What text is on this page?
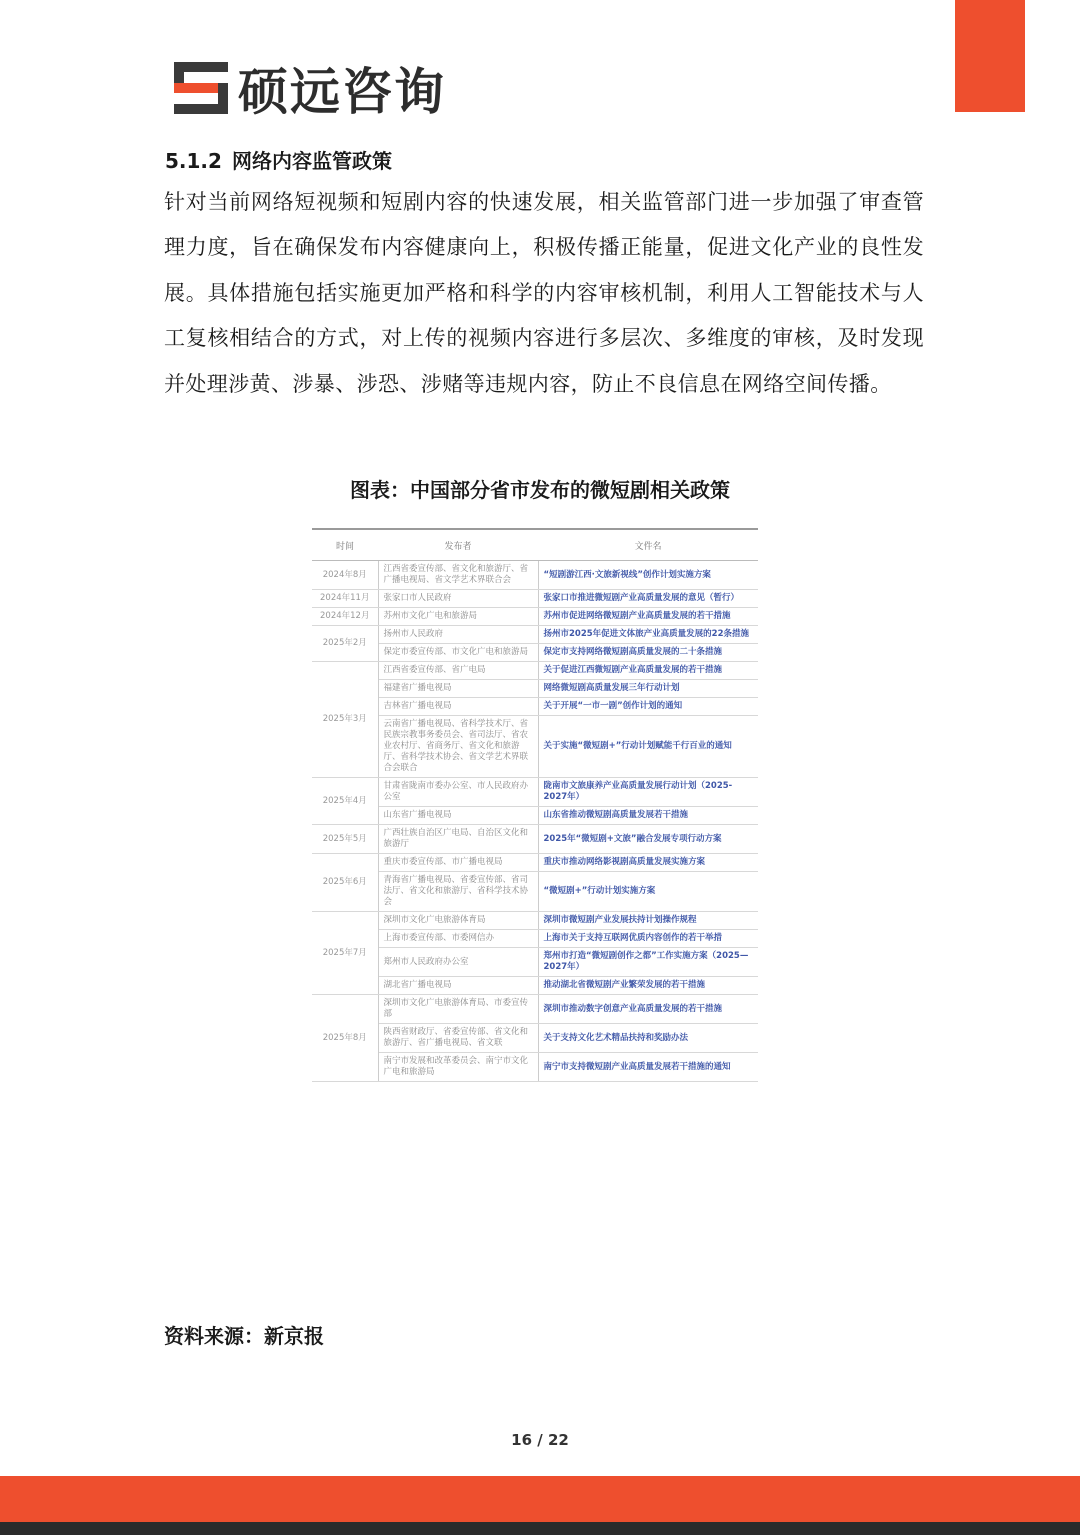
硕远咨询
5.1.2 网络内容监管政策
针对当前网络短视频和短剧内容的快速发展，相关监管部门进一步加强了审查管理力度，旨在确保发布内容健康向上，积极传播正能量，促进文化产业的良性发展。具体措施包括实施更加严格和科学的内容审核机制，利用人工智能技术与人工复核相结合的方式，对上传的视频内容进行多层次、多维度的审核，及时发现并处理涉黄、涉暴、涉恐、涉赌等违规内容，防止不良信息在网络空间传播。
图表：中国部分省市发布的微短剧相关政策
时间	发布者	文件名
2024年8月	江西省委宣传部、省文化和旅游厅、省广播电视局、省文学艺术界联合会	“短剧游江西·文旅新视线”创作计划实施方案
2024年11月	张家口市人民政府	张家口市推进微短剧产业高质量发展的意见（暂行）
2024年12月	苏州市文化广电和旅游局	苏州市促进网络微短剧产业高质量发展的若干措施
2025年2月	扬州市人民政府	扬州市2025年促进文体旅产业高质量发展的22条措施
	保定市委宣传部、市文化广电和旅游局	保定市支持网络微短剧高质量发展的二十条措施
2025年3月	江西省委宣传部、省广电局	关于促进江西微短剧产业高质量发展的若干措施
	福建省广播电视局	网络微短剧高质量发展三年行动计划
	吉林省广播电视局	关于开展“一市一剧”创作计划的通知
	云南省广播电视局、省科学技术厅、省民族宗教事务委员会、省司法厅、省农业农村厅、省商务厅、省文化和旅游厅、省科学技术协会、省文学艺术界联合会联合	关于实施“微短剧+”行动计划赋能千行百业的通知
2025年4月	甘肃省陇南市委办公室、市人民政府办公室	陇南市文旅康养产业高质量发展行动计划（2025-2027年）
	山东省广播电视局	山东省推动微短剧高质量发展若干措施
2025年5月	广西壮族自治区广电局、自治区文化和旅游厅	2025年“微短剧+文旅”融合发展专项行动方案
2025年6月	重庆市委宣传部、市广播电视局	重庆市推动网络影视剧高质量发展实施方案
	青海省广播电视局、省委宣传部、省司法厅、省文化和旅游厅、省科学技术协会	“微短剧+”行动计划实施方案
2025年7月	深圳市文化广电旅游体育局	深圳市微短剧产业发展扶持计划操作规程
	上海市委宣传部、市委网信办	上海市关于支持互联网优质内容创作的若干举措
	郑州市人民政府办公室	郑州市打造“微短剧创作之都”工作实施方案（2025—2027年）
	湖北省广播电视局	推动湖北省微短剧产业繁荣发展的若干措施
2025年8月	深圳市文化广电旅游体育局、市委宣传部	深圳市推动数字创意产业高质量发展的若干措施
	陕西省财政厅、省委宣传部、省文化和旅游厅、省广播电视局、省文联	关于支持文化艺术精品扶持和奖励办法
	南宁市发展和改革委员会、南宁市文化广电和旅游局	南宁市支持微短剧产业高质量发展若干措施的通知
资料来源：新京报
16 / 22
